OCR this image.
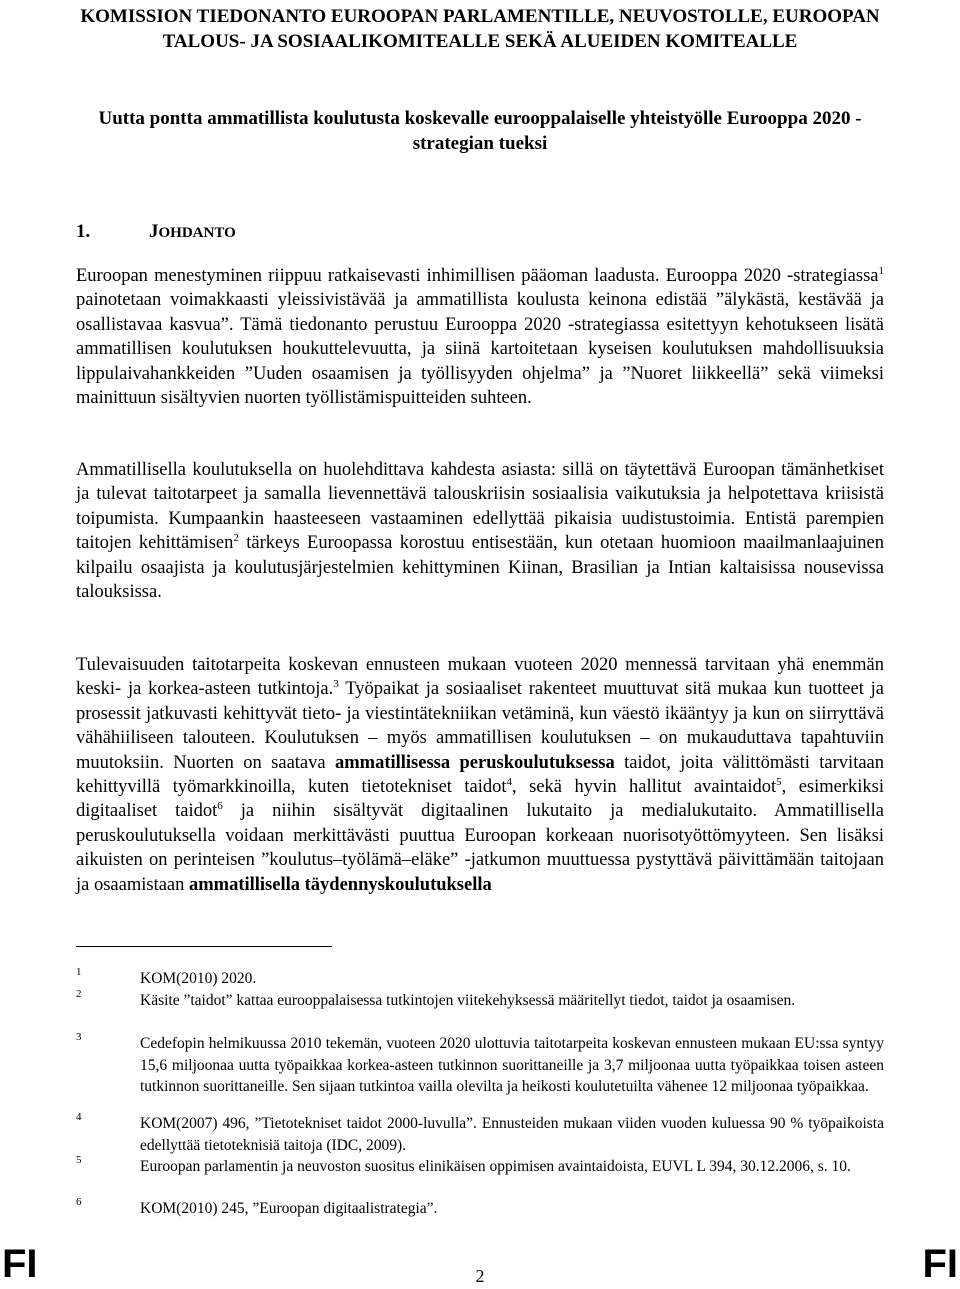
KOMISSION TIEDONANTO EUROOPAN PARLAMENTILLE, NEUVOSTOLLE, EUROOPAN TALOUS- JA SOSIAALIKOMITEALLE SEKÄ ALUEIDEN KOMITEALLE
Uutta pontta ammatillista koulutusta koskevalle eurooppalaiselle yhteistyölle Eurooppa 2020 -strategian tueksi
1.	JOHDANTO

Euroopan menestyminen riippuu ratkaisevasti inhimillisen pääoman laadusta. Eurooppa 2020 -strategiassa$^1$ painotetaan voimakkaasti yleissivistävää ja ammatillista koulusta keinona edistää ”älykästä, kestävää ja osallistavaa kasvua”. Tämä tiedonanto perustuu Eurooppa 2020 -strategiassa esitettyyn kehotukseen lisätä ammatillisen koulutuksen houkuttelevuutta, ja siinä kartoitetaan kyseisen koulutuksen mahdollisuuksia lippulaivahankkeiden ”Uuden osaamisen ja työllisyyden ohjelma” ja ”Nuoret liikkeellä” sekä viimeksi mainittuun sisältyvien nuorten työllistämispuitteiden suhteen.

Ammatillisella koulutuksella on huolehdittava kahdesta asiasta: sillä on täytettävä Euroopan tämänhetkiset ja tulevat taitotarpeet ja samalla lievennettävä talouskriisin sosiaalisia vaikutuksia ja helpotettava kriisistä toipumista. Kumpaankin haasteeseen vastaaminen edellyttää pikaisia uudistustoimia. Entistä parempien taitojen kehittämisen$^2$ tärkeys Euroopassa korostuu entisestään, kun otetaan huomioon maailmanlaajuinen kilpailu osaajista ja koulutusjärjestelmien kehittyminen Kiinan, Brasilian ja Intian kaltaisissa nousevissa talouksissa.

Tulevaisuuden taitotarpeita koskevan ennusteen mukaan vuoteen 2020 mennessä tarvitaan yhä enemmän keski- ja korkea-asteen tutkintoja.$^3$ Työpaikat ja sosiaaliset rakenteet muuttuvat sitä mukaa kun tuotteet ja prosessit jatkuvasti kehittyvät tieto- ja viestintätekniikan vetäminä, kun väestö ikääntyy ja kun on siirryttävä vähähiiliseen talouteen. Koulutuksen – myös ammatillisen koulutuksen – on mukauduttava tapahtuviin muutoksiin. Nuorten on saatava ammatillisessa peruskoulutuksessa taidot, joita välittömästi tarvitaan kehittyvillä työmarkkinoilla, kuten tietotekniset taidot$^4$, sekä hyvin hallitut avaintaidot$^5$, esimerkiksi digitaaliset taidot$^6$ ja niihin sisältyvät digitaalinen lukutaito ja medialukutaito. Ammatillisella peruskoulutuksella voidaan merkittävästi puuttua Euroopan korkeaan nuorisotyöttömyyteen. Sen lisäksi aikuisten on perinteisen ”koulutus–työlämä–eläke” -jatkumon muuttuessa pystyttävä päivittämään taitojaan ja osaamistaan ammatillisella täydennyskoulutuksella

1	KOM(2010) 2020.
2	Käsite ”taidot” kattaa eurooppalaisessa tutkintojen viitekehyksessä määritellyt tiedot, taidot ja osaamisen.
3	Cedefopin helmikuussa 2010 tekemän, vuoteen 2020 ulottuvia taitotarpeita koskevan ennusteen mukaan EU:ssa syntyy 15,6 miljoonaa uutta työpaikkaa korkea-asteen tutkinnon suorittaneille ja 3,7 miljoonaa uutta työpaikkaa toisen asteen tutkinnon suorittaneille. Sen sijaan tutkintoa vailla olevilta ja heikosti koulutetuilta vähenee 12 miljoonaa työpaikkaa.
4	KOM(2007) 496, ”Tietotekniset taidot 2000-luvulla”. Ennusteiden mukaan viiden vuoden kuluessa 90 % työpaikoista edellyttää tietoteknisiä taitoja (IDC, 2009).
5	Euroopan parlamentin ja neuvoston suositus elinikäisen oppimisen avaintaidoista, EUVL L 394, 30.12.2006, s. 10.
6	KOM(2010) 245, ”Euroopan digitaalistrategia”.
FI	2	FI
